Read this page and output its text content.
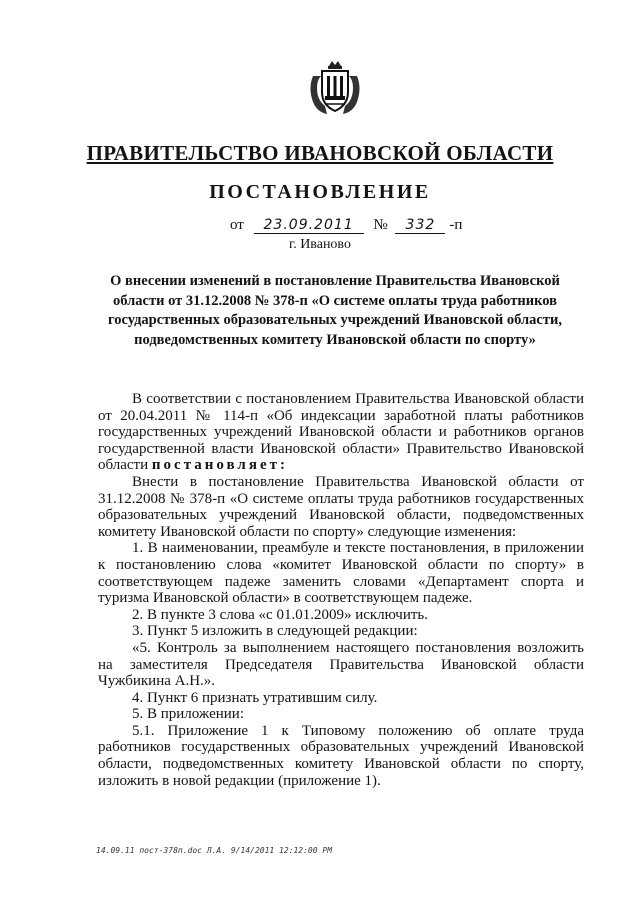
ПРАВИТЕЛЬСТВО ИВАНОВСКОЙ ОБЛАСТИ
ПОСТАНОВЛЕНИЕ
от 23.09.2011 № 332 -п
г. Иваново
О внесении изменений в постановление Правительства Ивановской области от 31.12.2008 № 378-п «О системе оплаты труда работников государственных образовательных учреждений Ивановской области, подведомственных комитету Ивановской области по спорту»

В соответствии с постановлением Правительства Ивановской области от 20.04.2011 № 114-п «Об индексации заработной платы работников государственных учреждений Ивановской области и работников органов государственной власти Ивановской области» Правительство Ивановской области постановляет:

Внести в постановление Правительства Ивановской области от 31.12.2008 № 378-п «О системе оплаты труда работников государственных образовательных учреждений Ивановской области, подведомственных комитету Ивановской области по спорту» следующие изменения:

1. В наименовании, преамбуле и тексте постановления, в приложении к постановлению слова «комитет Ивановской области по спорту» в соответствующем падеже заменить словами «Департамент спорта и туризма Ивановской области» в соответствующем падеже.

2. В пункте 3 слова «с 01.01.2009» исключить.

3. Пункт 5 изложить в следующей редакции:

«5. Контроль за выполнением настоящего постановления возложить на заместителя Председателя Правительства Ивановской области Чужбикина А.Н.».

4. Пункт 6 признать утратившим силу.

5. В приложении:

5.1. Приложение 1 к Типовому положению об оплате труда работников государственных образовательных учреждений Ивановской области, подведомственных комитету Ивановской области по спорту, изложить в новой редакции (приложение 1).

14.09.11 пост-378п.doc Л.А. 9/14/2011 12:12:00 PM
